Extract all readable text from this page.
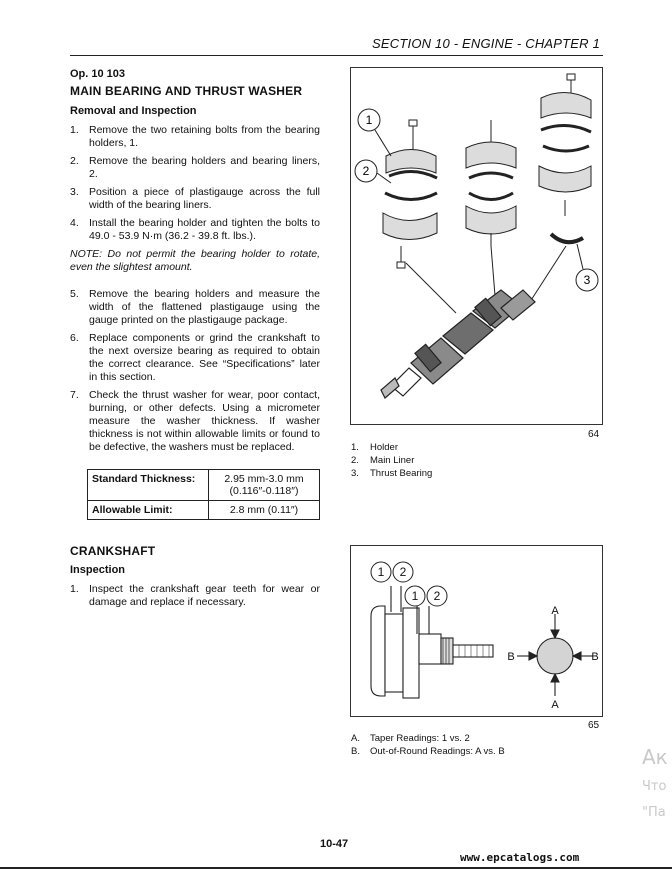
SECTION 10 - ENGINE - CHAPTER 1
Op. 10 103
MAIN BEARING AND THRUST WASHER
Removal and Inspection

1. Remove the two retaining bolts from the bearing holders, 1.

2. Remove the bearing holders and bearing liners, 2.

3. Position a piece of plastigauge across the full width of the bearing liners.

4. Install the bearing holder and tighten the bolts to 49.0 - 53.9 N·m (36.2 - 39.8 ft. lbs.).

NOTE: Do not permit the bearing holder to rotate, even the slightest amount.

5. Remove the bearing holders and measure the width of the flattened plastigauge using the gauge printed on the plastigauge package.

6. Replace components or grind the crankshaft to the next oversize bearing as required to obtain the correct clearance. See “Specifications” later in this section.

7. Check the thrust washer for wear, poor contact, burning, or other defects. Using a micrometer measure the washer thickness. If washer thickness is not within allowable limits or found to be defective, the washers must be replaced.

Standard Thickness:	2.95 mm-3.0 mm
(0.116″-0.118″)

Allowable Limit:	2.8 mm (0.11″)
CRANKSHAFT
Inspection

1. Inspect the crankshaft gear teeth for wear or damage and replace if necessary.

1
2
3
64
1. Holder
2. Main Liner
3. Thrust Bearing
1 2
1 2
A
A
B	B
65
A. Taper Readings: 1 vs. 2
B. Out-of-Round Readings: A vs. B	Ак
Что
"Па
10-47
www.epcatalogs.com
